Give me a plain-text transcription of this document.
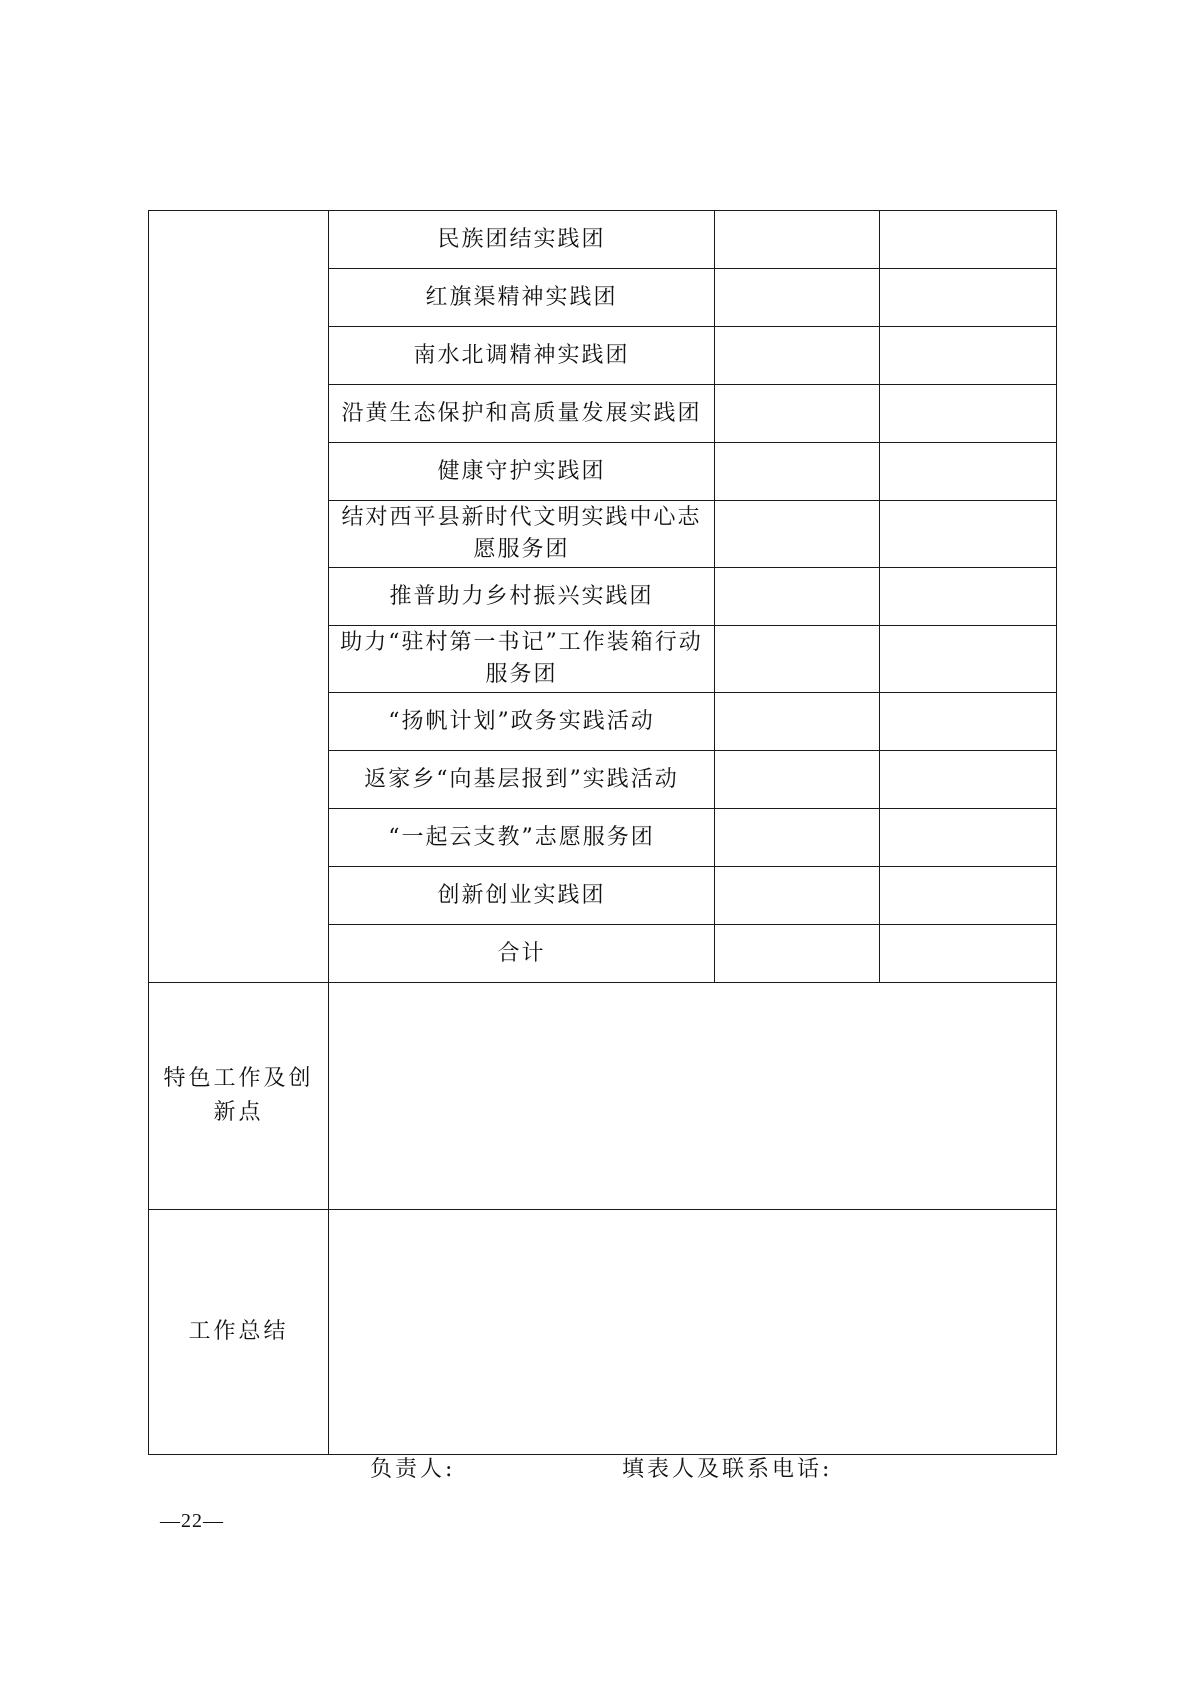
	民族团结实践团		
	红旗渠精神实践团		
	南水北调精神实践团		
	沿黄生态保护和高质量发展实践团		
	健康守护实践团		
	结对西平县新时代文明实践中心志愿服务团		
	推普助力乡村振兴实践团		
	助力“驻村第一书记”工作装箱行动服务团		
	“扬帆计划”政务实践活动		
	返家乡“向基层报到”实践活动		
	“一起云支教”志愿服务团		
	创新创业实践团		
	合计		
特色工作及创新点			
工作总结			
负责人:	填表人及联系电话:
—22—
